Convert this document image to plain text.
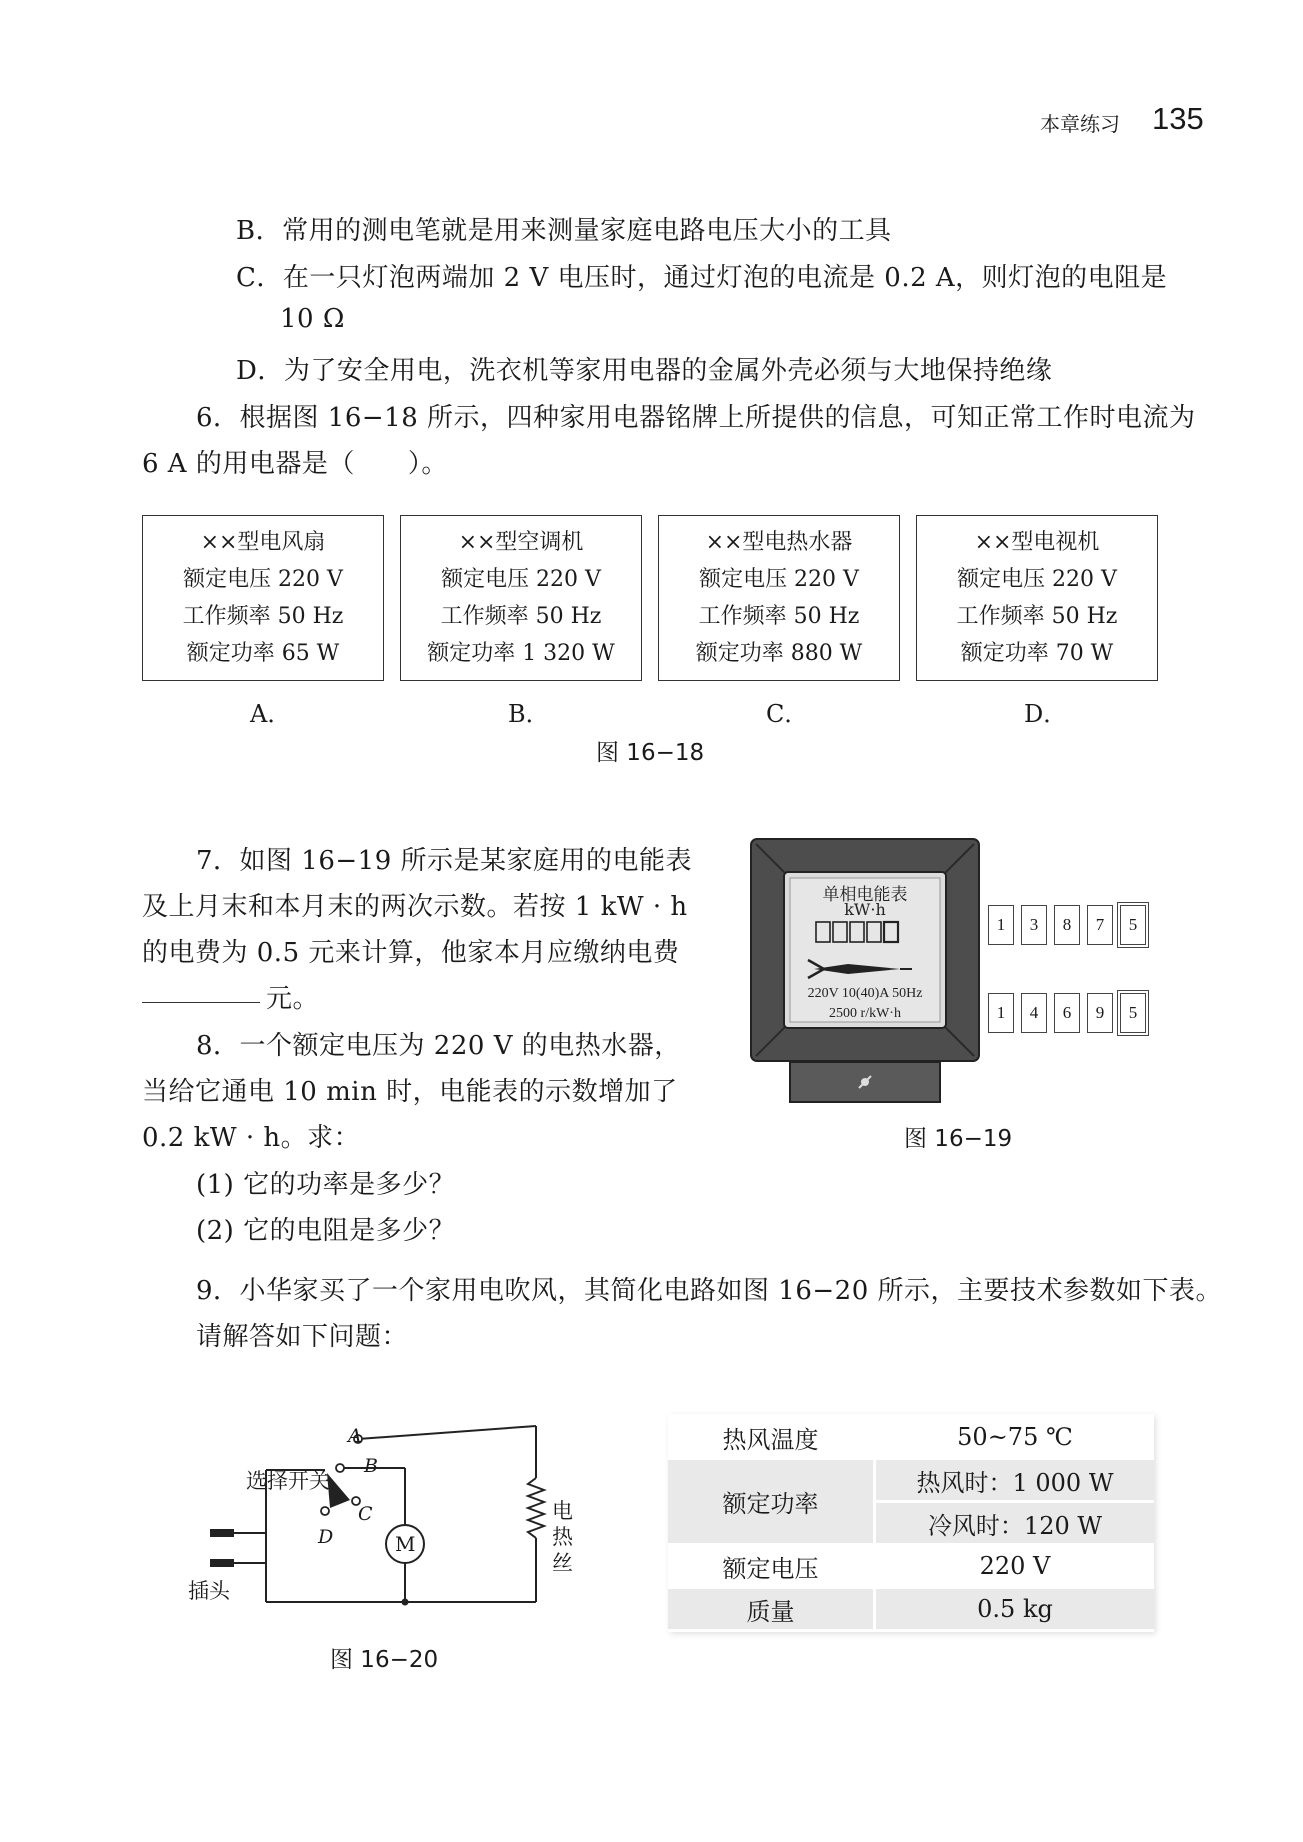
本章练习 135
B．常用的测电笔就是用来测量家庭电路电压大小的工具
C．在一只灯泡两端加 2 V 电压时，通过灯泡的电流是 0.2 A，则灯泡的电阻是
10 Ω
D．为了安全用电，洗衣机等家用电器的金属外壳必须与大地保持绝缘
6．根据图 16−18 所示，四种家用电器铭牌上所提供的信息，可知正常工作时电流为
6 A 的用电器是（　　）。
××型电风扇
额定电压 220 V
工作频率 50 Hz
额定功率 65 W
××型空调机
额定电压 220 V
工作频率 50 Hz
额定功率 1 320 W
××型电热水器
额定电压 220 V
工作频率 50 Hz
额定功率 880 W
××型电视机
额定电压 220 V
工作频率 50 Hz
额定功率 70 W
A．	B．	C．	D．
图 16−18
7．如图 16−19 所示是某家庭用的电能表
及上月末和本月末的两次示数。若按 1 kW · h
的电费为 0.5 元来计算，他家本月应缴纳电费
元。
8．一个额定电压为 220 V 的电热水器，
当给它通电 10 min 时，电能表的示数增加了
0.2 kW · h。求：
(1) 它的功率是多少？
(2) 它的电阻是多少？
单相电能表
kW·h
220V 10(40)A 50Hz
2500 r/kW·h
1	3	8	7	5
1	4	6	9	5
图 16−19
9．小华家买了一个家用电吹风，其简化电路如图 16−20 所示，主要技术参数如下表。
请解答如下问题：
选择开关
插头
电热丝
M
A
B
C
D
图 16−20
热风温度	50~75 ℃
额定功率	热风时：1 000 W
	冷风时：120 W
额定电压	220 V
质量	0.5 kg
